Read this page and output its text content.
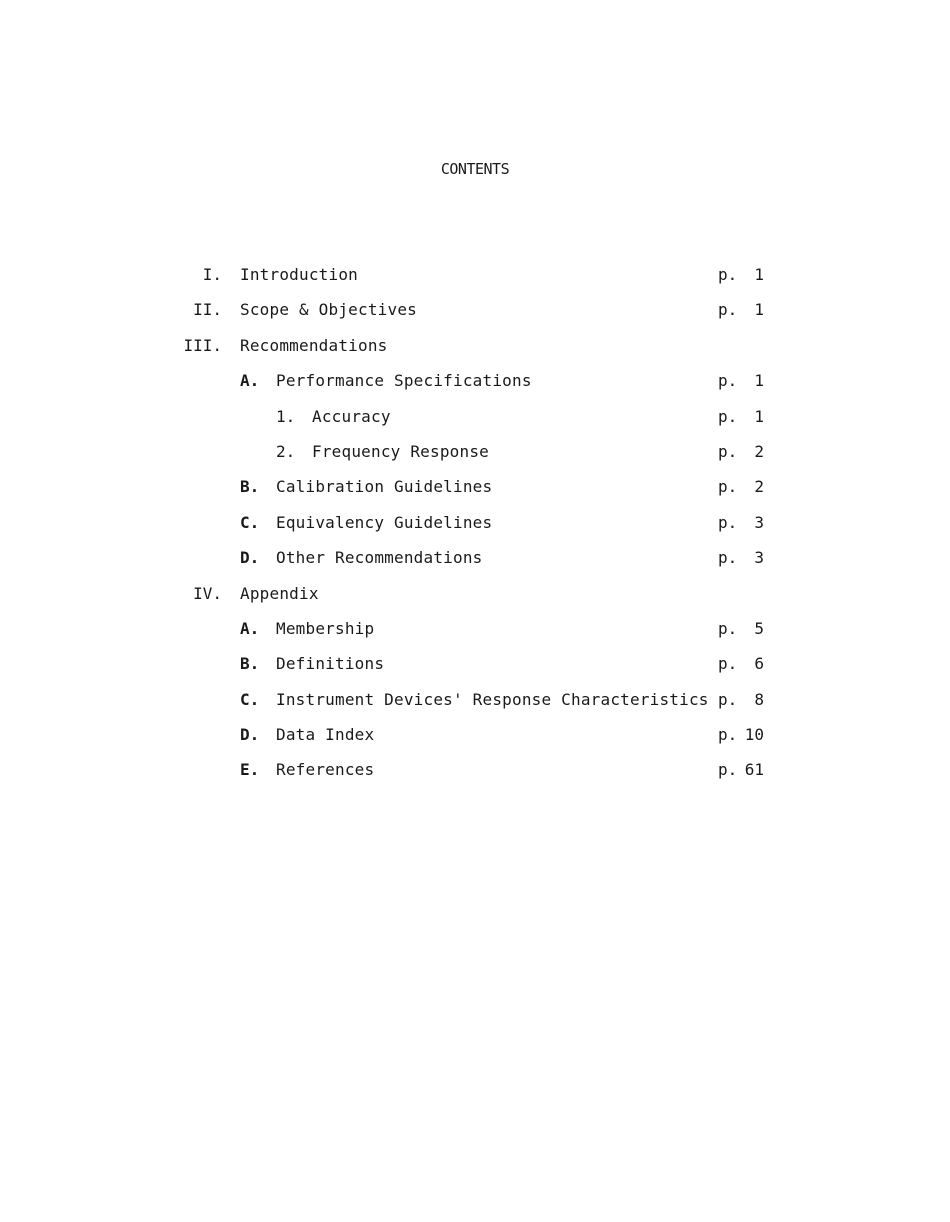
CONTENTS
I. Introduction	p. 1
II. Scope & Objectives	p. 1
III. Recommendations
A. Performance Specifications	p. 1
1. Accuracy	p. 1
2. Frequency Response	p. 2
B. Calibration Guidelines	p. 2
C. Equivalency Guidelines	p. 3
D. Other Recommendations	p. 3
IV. Appendix
A. Membership	p. 5
B. Definitions	p. 6
C. Instrument Devices' Response Characteristics p. 8
D. Data Index	p. 10
E. References	p. 61
